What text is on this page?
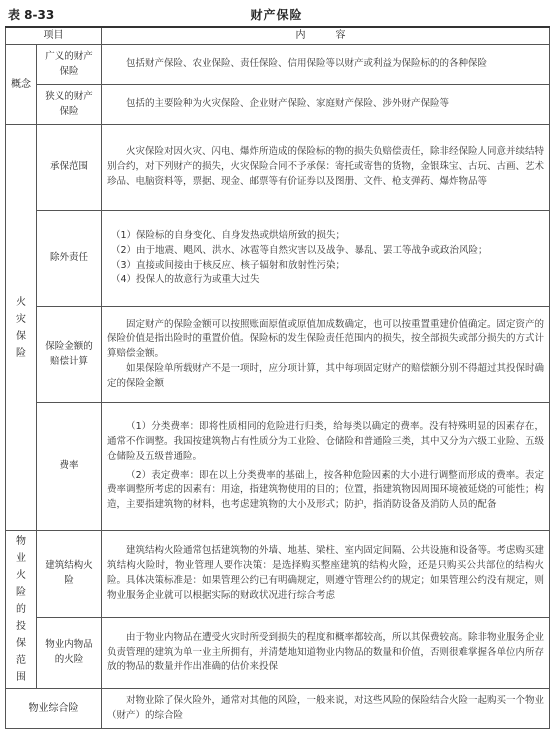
表 8-33	财产保险
项目		内　容
概念	广义的财产保险	包括财产保险、农业保险、责任保险、信用保险等以财产或利益为保险标的的各种保险

	狭义的财产保险	包括的主要险种为火灾保险、企业财产保险、家庭财产保险、涉外财产保险等

火灾保险	承保范围	火灾保险对因火灾、闪电、爆炸所造成的保险标的物的损失负赔偿责任，除非经保险人同意并续结特别合约，对下列财产的损失，火灾保险合同不予承保：寄托或寄售的货物，金银珠宝、古玩、古画、艺术珍品、电脑资料等，票据、现金、邮票等有价证券以及图册、文件、枪支弹药、爆炸物品等

	除外责任	（1）保险标的自身变化、自身发热或烘焙所致的损失；

（2）由于地震、飓风、洪水、冰雹等自然灾害以及战争、暴乱、罢工等战争或政治风险；

（3）直接或间接由于核反应、核子辐射和放射性污染；

（4）投保人的故意行为或重大过失

	保险金额的赔偿计算	固定财产的保险金额可以按照账面原值或原值加成数确定，也可以按重置重建价值确定。固定资产的保险价值是指出险时的重置价值。保险标的发生保险责任范围内的损失，按全部损失或部分损失的方式计算赔偿金额。

如果保险单所载财产不是一项时，应分项计算，其中每项固定财产的赔偿额分别不得超过其投保时确定的保险金额

	费率	（1）分类费率：即将性质相同的危险进行归类，给每类以确定的费率。没有特殊明显的因素存在，通常不作调整。我国按建筑物占有性质分为工业险、仓储险和普通险三类，其中又分为六级工业险、五级仓储险及五级普通险。

（2）表定费率：即在以上分类费率的基础上，按各种危险因素的大小进行调整而形成的费率。表定费率调整所考虑的因素有：用途，指建筑物使用的目的；位置，指建筑物因周围环境被延烧的可能性；构造，主要指建筑物的材料，也考虑建筑物的大小及形式；防护，指消防设备及消防人员的配备

物业火险的投保范围	建筑结构火险	建筑结构火险通常包括建筑物的外墙、地基、梁柱、室内固定间隔、公共设施和设备等。考虑购买建筑结构火险时，物业管理人要作决策：是选择购买整座建筑的结构火险，还是只购买公共部位的结构火险。具体决策标准是：如果管理公约已有明确规定，则遵守管理公约的规定；如果管理公约没有规定，则物业服务企业就可以根据实际的财政状况进行综合考虑

	物业内物品的火险	由于物业内物品在遭受火灾时所受到损失的程度和概率都较高，所以其保费较高。除非物业服务企业负责管理的建筑为单一业主所拥有，并清楚地知道物业内物品的数量和价值，否则很难掌握各单位内所存放的物品的数量并作出准确的估价来投保

物业综合险		对物业除了保火险外，通常对其他的风险，一般来说，对这些风险的保险结合火险一起购买一个物业（财产）的综合险
